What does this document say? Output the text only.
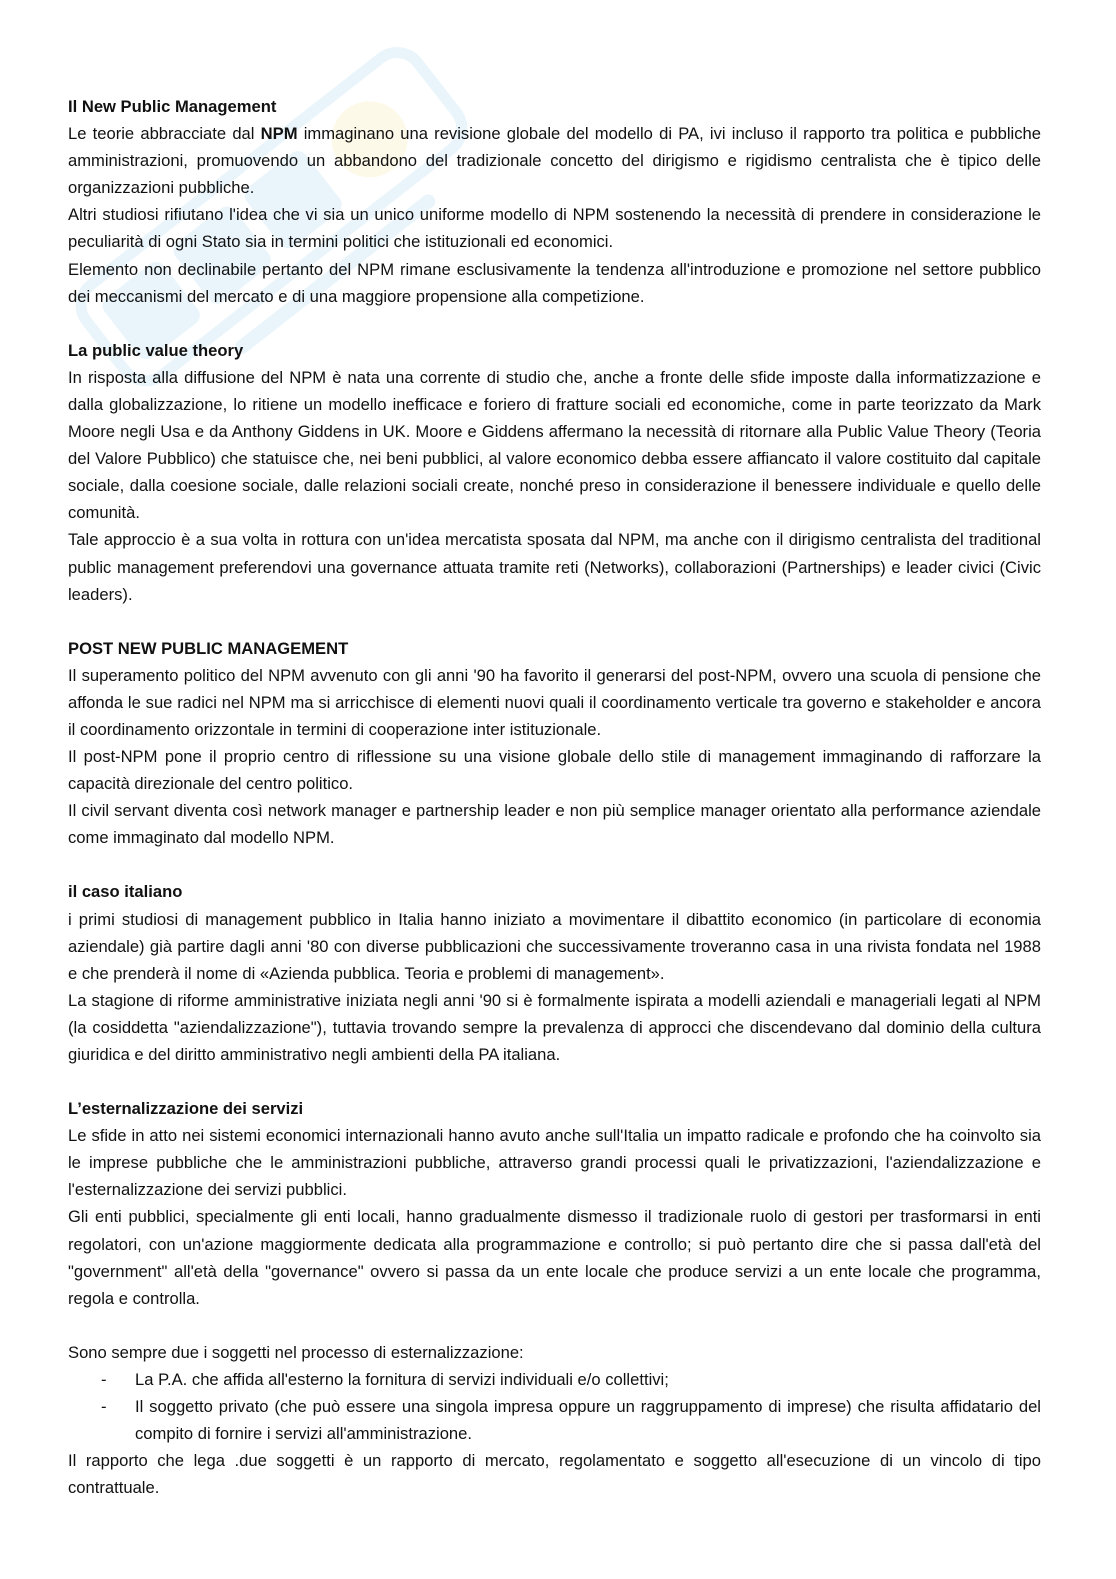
Il New Public Management

Le teorie abbracciate dal NPM immaginano una revisione globale del modello di PA, ivi incluso il rapporto tra politica e pubbliche amministrazioni, promuovendo un abbandono del tradizionale concetto del dirigismo e rigidismo centralista che è tipico delle organizzazioni pubbliche.

Altri studiosi rifiutano l'idea che vi sia un unico uniforme modello di NPM sostenendo la necessità di prendere in considerazione le peculiarità di ogni Stato sia in termini politici che istituzionali ed economici.

Elemento non declinabile pertanto del NPM rimane esclusivamente la tendenza all'introduzione e promozione nel settore pubblico dei meccanismi del mercato e di una maggiore propensione alla competizione.

La public value theory

In risposta alla diffusione del NPM è nata una corrente di studio che, anche a fronte delle sfide imposte dalla informatizzazione e dalla globalizzazione, lo ritiene un modello inefficace e foriero di fratture sociali ed economiche, come in parte teorizzato da Mark Moore negli Usa e da Anthony Giddens in UK. Moore e Giddens affermano la necessità di ritornare alla Public Value Theory (Teoria del Valore Pubblico) che statuisce che, nei beni pubblici, al valore economico debba essere affiancato il valore costituito dal capitale sociale, dalla coesione sociale, dalle relazioni sociali create, nonché preso in considerazione il benessere individuale e quello delle comunità.

Tale approccio è a sua volta in rottura con un'idea mercatista sposata dal NPM, ma anche con il dirigismo centralista del traditional public management preferendovi una governance attuata tramite reti (Networks), collaborazioni (Partnerships) e leader civici (Civic leaders).

POST NEW PUBLIC MANAGEMENT

Il superamento politico del NPM avvenuto con gli anni '90 ha favorito il generarsi del post-NPM, ovvero una scuola di pensione che affonda le sue radici nel NPM ma si arricchisce di elementi nuovi quali il coordinamento verticale tra governo e stakeholder e ancora il coordinamento orizzontale in termini di cooperazione inter istituzionale.

Il post-NPM pone il proprio centro di riflessione su una visione globale dello stile di management immaginando di rafforzare la capacità direzionale del centro politico.

Il civil servant diventa così network manager e partnership leader e non più semplice manager orientato alla performance aziendale come immaginato dal modello NPM.

il caso italiano

i primi studiosi di management pubblico in Italia hanno iniziato a movimentare il dibattito economico (in particolare di economia aziendale) già partire dagli anni '80 con diverse pubblicazioni che successivamente troveranno casa in una rivista fondata nel 1988 e che prenderà il nome di «Azienda pubblica. Teoria e problemi di management».

La stagione di riforme amministrative iniziata negli anni '90 si è formalmente ispirata a modelli aziendali e manageriali legati al NPM (la cosiddetta "aziendalizzazione"), tuttavia trovando sempre la prevalenza di approcci che discendevano dal dominio della cultura giuridica e del diritto amministrativo negli ambienti della PA italiana.

L’esternalizzazione dei servizi

Le sfide in atto nei sistemi economici internazionali hanno avuto anche sull'Italia un impatto radicale e profondo che ha coinvolto sia le imprese pubbliche che le amministrazioni pubbliche, attraverso grandi processi quali le privatizzazioni, l'aziendalizzazione e l'esternalizzazione dei servizi pubblici.

Gli enti pubblici, specialmente gli enti locali, hanno gradualmente dismesso il tradizionale ruolo di gestori per trasformarsi in enti regolatori, con un'azione maggiormente dedicata alla programmazione e controllo; si può pertanto dire che si passa dall'età del "government" all'età della "governance" ovvero si passa da un ente locale che produce servizi a un ente locale che programma, regola e controlla.

Sono sempre due i soggetti nel processo di esternalizzazione:

- La P.A. che affida all'esterno la fornitura di servizi individuali e/o collettivi;
- Il soggetto privato (che può essere una singola impresa oppure un raggruppamento di imprese) che risulta affidatario del compito di fornire i servizi all'amministrazione.

Il rapporto che lega .due soggetti è un rapporto di mercato, regolamentato e soggetto all'esecuzione di un vincolo di tipo contrattuale.
